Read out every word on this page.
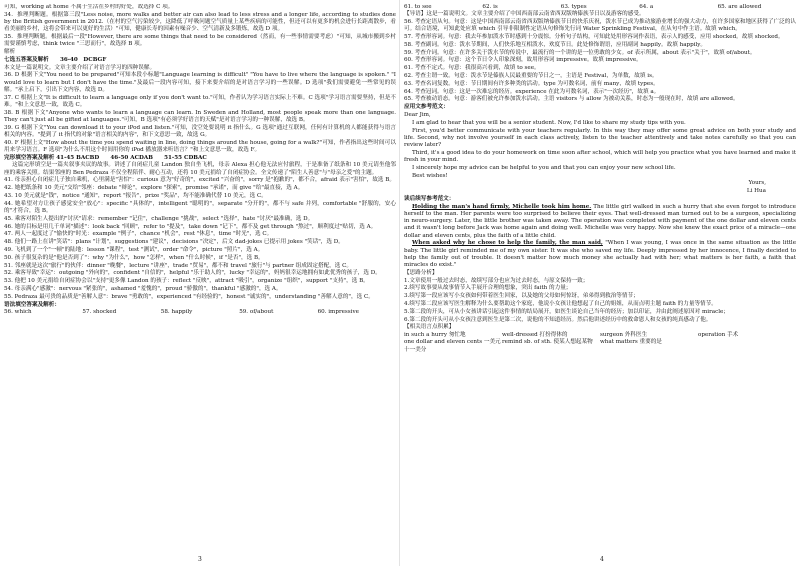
可知，working at home 不属于生活在乡村的好处，故选择 C 项。

34．推理判断题。根据第三段"Less noise, more walks and better air can also lead to less stress and a longer life, according to studies done by the British government in 2012.（在村的空气污染较少，这降低了呼吸问题空气质量上某些疾病的可能性，但还可以有更多的机会进行长距离散步，看看美丽的乡村，这将会带来可以更好的生活）"可知，健康长寿的因素有噪音少、空气清新及多锻炼，故选 D 项。

35．推理判断题。根据最后一段"However, there are some things that need to be considered（然而，有一些事情需要考虑）"可知，从城市搬到乡村需要谨慎考虑，think twice "三思而行"，故选择 B 项。

解析

七选五答案及解析　　36-40　DCBGF

本文是一篇说明文。文章主要介绍了对语言学习的四种误解。

36. D 根据下文"You need to be prepared"可知本段小标题"Language learning is difficult" "You have to live where the language is spoken." "I would love to learn but I don't have the time."及最后一段内容可知，接下来要介绍的是对语言学习的一些误解。D 选项"我们需要避免一些常见的误解。"承上启下，引出下文内容，故选 D。

37. C 根据上文"It is difficult to learn a language only if you don't want to."可知，作者认为学习语言实际上不难。C 选项"学习语言需要坚持，但是不难。"和上文意思一致，故选 C。

38. B 根据下文"Anyone who wants to learn a language can learn. In Sweden and Holland, most people speak more than one language. They can't just all be gifted at languages."可知，B 选项"有必须学好语言的天赋"是对语言学习的一种误解，故选 B。

39. G 根据下文"You can download it to your iPod and listen."可知，没空处要说明 it 指什么。G 选项"通过互联网，任何有计算机的人都能获得与语言相关的内容。"提到了 it 指代的对象"语言相关的内容"，和下文意思一致，故选 G。

40. F 根据上文"How about the time you spend waiting in line, doing things around the house, going for a walk?"可知，作者指出这些时间可以用来学习语言。F 选项"为什么不用这个时间用你的 iPod 播放器来听语言？"和上文意思一致，故选 F。

完形填空答案及解析 41-45 BACBD　　46-50 ACDAB　　51-55 CDBAC

这篇完形填空是一篇夹叙事夹议的故事。讲述了自闭症儿童 Landon 独自坐飞机，母亲 Alexa 担心他无法应付旅程，于是准备了纸条和 10 美元请坐他邻座的乘客关照。结果邻座的 Ben Pedraza 不仅全程陪伴、耐心互动，还将 10 美元捐给了自闭症协会。全文传递了"陌生人善意"与"母亲之爱"的主题。

41. 母亲担心自闭症儿子独自乘机，心里满是"害怕"：curious 意为"好奇的"，excited "兴奋的"，sorry 是"抱歉的"，都不合，afraid 表示"害怕"，故选 B。

42. 她把纸条和 10 美元"交给"邻座：debate "辩论"，explore "探索"，promise "承诺"，而 give "给"最直接，选 A。

43. 10 美元就是"钱"，notice "通知"，report "报告"，prize "奖品"，均不能准确代替 10 美元，选 C。

44. 她希望对方让孩子感觉安全"放心"：specific "具体的"，intelligent "聪明的"，separate "分开的"，都不与 safe 并列，comfortable "舒服的，安心的"才符合，选 B。

45. 乘客对陌生人提出的"讨厌"请求：remember "记住"，challenge "挑战"，select "选择"，hate "讨厌"最准确，选 D。

46. 她的目标是用几千单词"描述"：look back "回顾"，refer to "提及"，take down "记下"，都不及 get through "熬过"，顺利度过"贴切，选 A。

47. 两人一起度过了"愉快的"时光：example "例子"，chance "机会"，rest "休息"，time "时光"，选 C。

48. 他们一路上在讲"笑话"：plans "计划"，suggestions "建议"，decisions "决定"，后文 dad-jokes 已提示用 jokes "笑话"，选 D。

49. 飞机到了一个"一顿"的陆地：lesson "课程"，test "测试"，order "命令"，picture "照片"，选 A。

50. 孩子很复杂的是"他是否到了"：why "为什么"，how "怎样"，when "什么时候"，if "是否"，选 B。

51. 邻座就是这次"旅行"的伙伴：dinner "晚餐"，lecture "讲座"，trade "贸易"，都不和 travel "旅行"与 partner 组成固定搭配，选 C。

52. 乘客导致"幸运"：outgoing "外向的"，confident "自信的"，helpful "乐于助人的"，lucky "幸运的"，妈妈很幸运地拥有如此优秀的孩子，选 D。

53. 他把 10 美元捐给自闭症协会以"支持"更多像 Landon 的孩子：reflect "反映"，attract "吸引"，organize "组织"，support "支持"，选 B。

54. 母亲满心"感激"：nervous "紧张的"，ashamed "羞愧的"，proud "骄傲的"，thankful "感激的"，选 A。

55. Pedraza 最可贵的品质是"善解人意"：brave "勇敢的"，experienced "有经验的"，honest "诚实的"，understanding "善解人意的"，选 C。

语法填空答案及解析：

56. which	57. shocked	58. happily	59. of/about	60. impressive
61. to see	62. is	63. types	64. a	65. are allowed

【导语】这是一篇说明文。文章主要介绍了中国西南部云南省西双版纳傣族节日以及游客的感受。

56. 考查定语从句。句意：这是中国西南部云南省西双版纳傣族节日的快乐庆祝，泼水节已成为推动旅游业增长的强大动力，在许多国家和地区获得了广泛的认可。结合语境，可知此处应填 which 引导非限制性定语从句修饰先行词 Water Sprinkling Festival，在从句中作主语。故填 which。

57. 考查形容词。句意：我去年参加泼水节时感到十分震惊。分析句子结构，可知此处用形容词作表语，表示人的感受，应用 shocked。故填 shocked。

58. 考查副词。句意：泼水节期间，人们快乐地互相泼水，欢度节日。此处修饰谓语，应用副词 happily。故填 happily。

59. 考查介词。句意：在许多关于泼水节的传说中，最流行的一个讲的是一位勇敢的少女。of 表示所属，about 表示"关于"，故填 of/about。

60. 考查形容词。句意：这个节日令人印象深刻，故用形容词 impressive。故填 impressive。

61. 考查不定式。句意：我很高兴看到，故填 to see。

62. 考查主谓一致。句意：泼水节是傣族人民最重要的节日之一，主语是 Festival，为单数，故填 is。

63. 考查名词复数。句意：节日期间有许多种类的活动。type 为可数名词，前有 many，故填 types。

64. 考查冠词。句意：这是一次难忘的经历。experience 在此为可数名词，表示"一次经历"，故填 a。

65. 考查被动语态。句意：游客们被允许参加泼水活动。主语 visitors 与 allow 为被动关系，时态为一般现在时，故填 are allowed。

应用文参考范文：

Dear Jim,

I am glad to hear that you will be a senior student. Now, I'd like to share my study tips with you.

First, you'd better communicate with your teachers regularly. In this way they may offer some great advice on both your study and life. Second, why not involve yourself in each class actively, listen to the teacher attentively and take notes carefully so that you can review later?

Third, it's a good idea to do your homework on time soon after school, which will help you practice what you have learned and make it fresh in your mind.

I sincerely hope my advice can be helpful to you and that you can enjoy your new school life.

Best wishes!

Yours,

Li Hua

读后续写参考范文：

Holding the man's hand firmly, Michelle took him home. The little girl walked in such a hurry that she even forgot to introduce herself to the man. Her parents were too surprised to believe their eyes. That well-dressed man turned out to be a surgeon, specializing in neuro-surgery. Later, the little brother was taken away. The operation was completed with payment of the one dollar and eleven cents and it wasn't long before Jack was home again and doing well. Michelle was very happy. Now she knew the exact price of a miracle—one dollar and eleven cents, plus the faith of a little child.

When asked why he chose to help the family, the man said, "When I was young, I was once in the same situation as the little baby. The little girl reminded me of my own sister. It was she who saved my life. Deeply impressed by her innocence, I finally decided to help the family out of trouble. It doesn't matter how much money she actually had with her; what matters is her faith, a faith that miracles do exist."

【思路分析】

1.文章使用一般过去时态，故续写部分也应为过去时态，与原文保持一致；

2.续写故事要从故事情节入手展开合理的想象，突出 faith 的力量；

3.续写第一段应该写小女孩如何带着医生回家，以及她的父母如何惊讶，弟弟得到救治等情节；

4.续写第二段应该写医生解释为什么要帮助这个家庭，他说小女孩让他想起了自己的姐姐，从而点明主题 faith 的力量等情节。

5.第二段的开头，可从小女孩讲话引起这件事情的结局展开，如医生谈论自己当年的经历；加以印证，并由此阐述原因对 miracle；

6.第二段的开头可从小女孩注意到医生是第二次，说他的不知道经历。然后他讲述经历中的救命恩人和女孩的纯真感动了他。

【相关语言点积累】

in such a hurry 匆忙地	well-dressed 打扮得体的	surgeon 外科医生	operation 手术
one dollar and eleven cents 一美元十一美分
remind sb. of sth. 使某人想起某物	what matters 重要的是
3	4
